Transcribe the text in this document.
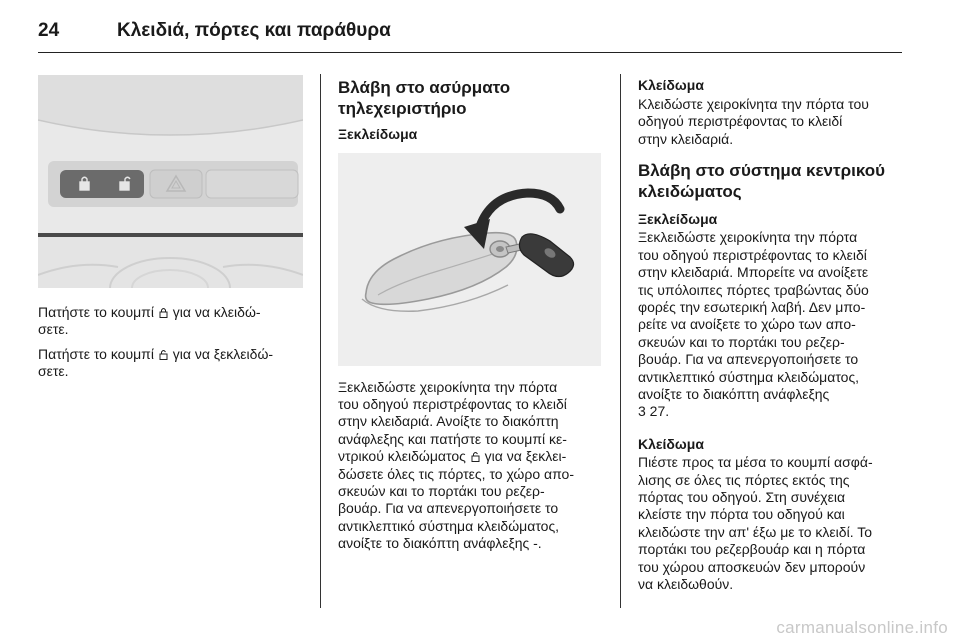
24	Κλειδιά, πόρτες και παράθυρα

Πατήστε το κουμπί για να κλειδώ-
σετε.

Πατήστε το κουμπί για να ξεκλειδώ-
σετε.

Βλάβη στο ασύρματο
τηλεχειριστήριο

Ξεκλείδωμα

Ξεκλειδώστε χειροκίνητα την πόρτα

του οδηγού περιστρέφοντας το κλειδί

στην κλειδαριά. Ανοίξτε το διακόπτη

ανάφλεξης και πατήστε το κουμπί κε-

ντρικού κλειδώματος για να ξεκλει-

δώσετε όλες τις πόρτες, το χώρο απο-

σκευών και το πορτάκι του ρεζερ-

βουάρ. Για να απενεργοποιήσετε το

αντικλεπτικό σύστημα κλειδώματος,

ανοίξτε το διακόπτη ανάφλεξης -.

Κλείδωμα

Κλειδώστε χειροκίνητα την πόρτα του

οδηγού περιστρέφοντας το κλειδί

στην κλειδαριά.

Βλάβη στο σύστημα κεντρικού
κλειδώματος

Ξεκλείδωμα

Ξεκλειδώστε χειροκίνητα την πόρτα

του οδηγού περιστρέφοντας το κλειδί

στην κλειδαριά. Μπορείτε να ανοίξετε

τις υπόλοιπες πόρτες τραβώντας δύο

φορές την εσωτερική λαβή. Δεν μπο-

ρείτε να ανοίξετε το χώρο των απο-

σκευών και το πορτάκι του ρεζερ-

βουάρ. Για να απενεργοποιήσετε το

αντικλεπτικό σύστημα κλειδώματος,

ανοίξτε το διακόπτη ανάφλεξης

3 27.

Κλείδωμα

Πιέστε προς τα μέσα το κουμπί ασφά-

λισης σε όλες τις πόρτες εκτός της

πόρτας του οδηγού. Στη συνέχεια

κλείστε την πόρτα του οδηγού και

κλειδώστε την απ' έξω με το κλειδί. Το

πορτάκι του ρεζερβουάρ και η πόρτα

του χώρου αποσκευών δεν μπορούν

να κλειδωθούν.

carmanualsonline.info
